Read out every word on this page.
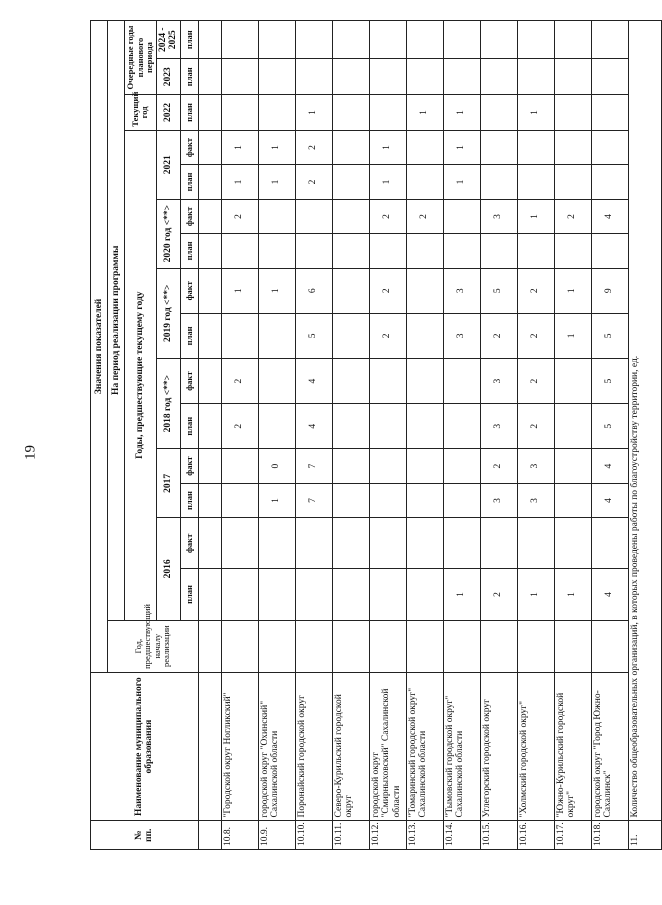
19
№ пп.	Наименование муниципального образования	Значения показателей															
		Год, предшествующий началу реализации	На период реализации программы														
			Годы, предшествующие текущему году												Текущий год	Очередные годы планового периода	
			2016		2017		2018 год <**>		2019 год <**>		2020 год <**>		2021		2022	2023	2024 - 2025
			план	факт	план	факт	план	факт	план	факт	план	факт	план	факт	план	план	план

10.8.	"Городской округ Ногликский"						2	2		1		2	1	1			
10.9.	городской округ "Охинский" Сахалинской области				1	0				1			1	1			
10.10.	Поронайский городской округ				7	7	4	4	5	6			2	2	1		
10.11.	Северо-Курильский городской округ																
10.12.	городской округ "Смирныховский" Сахалинской области								2	2		2	1	1			
10.13.	"Томаринский городской округ" Сахалинской области											2			1		
10.14.	"Тымовский городской округ" Сахалинской области		1						3	3			1	1	1		
10.15.	Углегорский городской округ		2		3	2	3	3	2	5		3					
10.16.	"Холмский городской округ"		1		3	3	2	2	2	2		1			1		
10.17.	"Южно-Курильский городской округ"		1						1	1		2					
10.18.	городской округ "Город Южно-Сахалинск"		4		4	4	5	5	5	9		4					
11.	Количество общеобразовательных организаций, в которых проведены работы по благоустройству территории, ед.																
